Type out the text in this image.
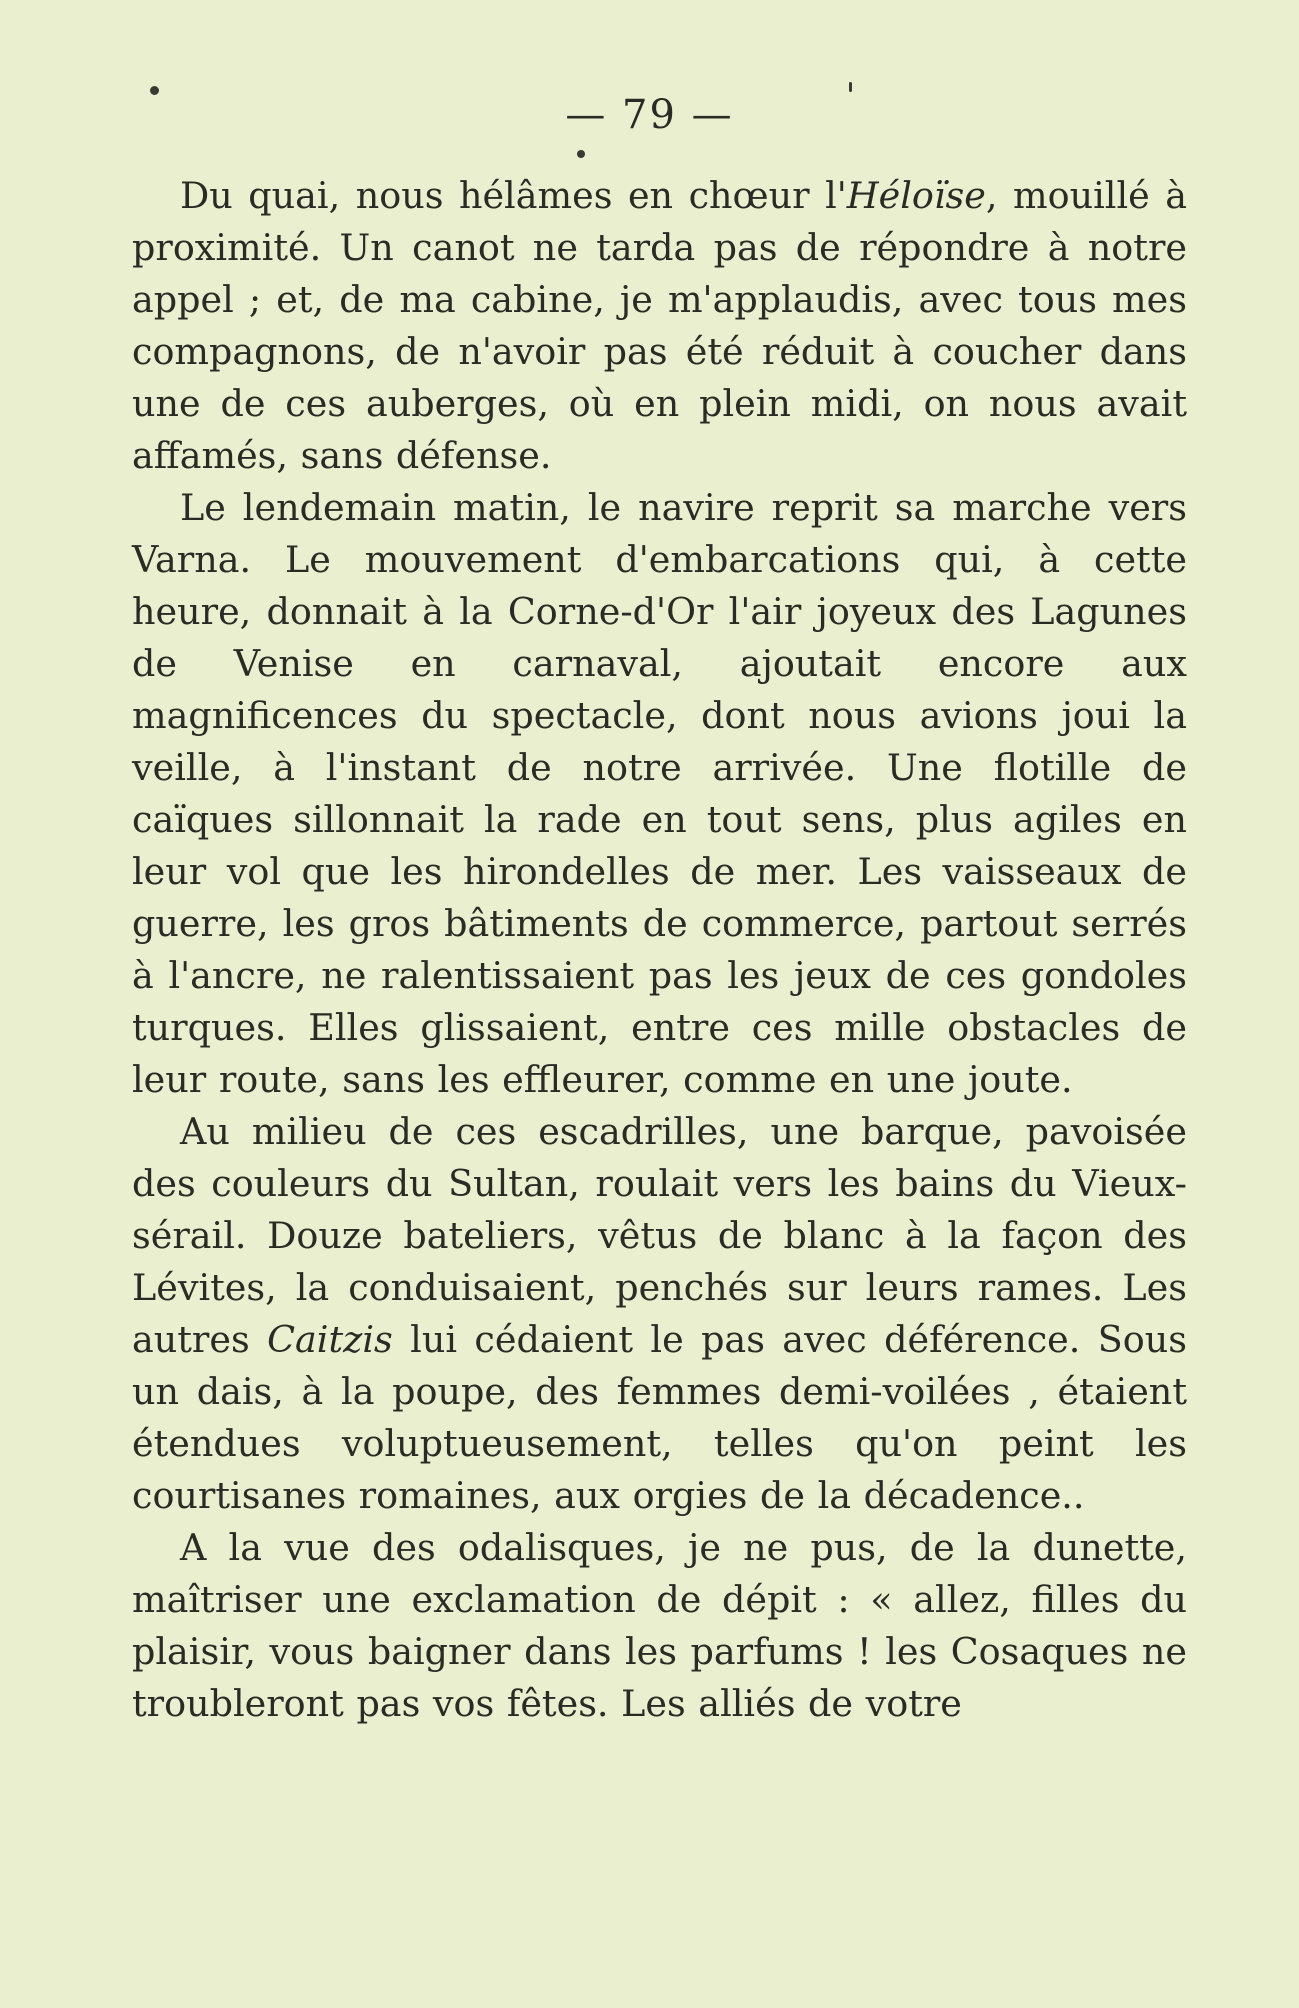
— 79 —

Du quai, nous hélâmes en chœur l'Héloïse, mouillé à proximité. Un canot ne tarda pas de répondre à notre appel ; et, de ma cabine, je m'applaudis, avec tous mes compagnons, de n'avoir pas été réduit à coucher dans une de ces auberges, où en plein midi, on nous avait affamés, sans défense.

Le lendemain matin, le navire reprit sa marche vers Varna. Le mouvement d'embarcations qui, à cette heure, donnait à la Corne-d'Or l'air joyeux des Lagunes de Venise en carnaval, ajoutait encore aux magnificences du spectacle, dont nous avions joui la veille, à l'instant de notre arrivée. Une flotille de caïques sillonnait la rade en tout sens, plus agiles en leur vol que les hirondelles de mer. Les vaisseaux de guerre, les gros bâtiments de commerce, partout serrés à l'ancre, ne ralentissaient pas les jeux de ces gondoles turques. Elles glissaient, entre ces mille obstacles de leur route, sans les effleurer, comme en une joute.

Au milieu de ces escadrilles, une barque, pavoisée des couleurs du Sultan, roulait vers les bains du Vieux-sérail. Douze bateliers, vêtus de blanc à la façon des Lévites, la conduisaient, penchés sur leurs rames. Les autres Caitzis lui cédaient le pas avec déférence. Sous un dais, à la poupe, des femmes demi-voilées , étaient étendues voluptueusement, telles qu'on peint les courtisanes romaines, aux orgies de la décadence..

A la vue des odalisques, je ne pus, de la dunette, maîtriser une exclamation de dépit : « allez, filles du plaisir, vous baigner dans les parfums ! les Cosaques ne troubleront pas vos fêtes. Les alliés de votre
